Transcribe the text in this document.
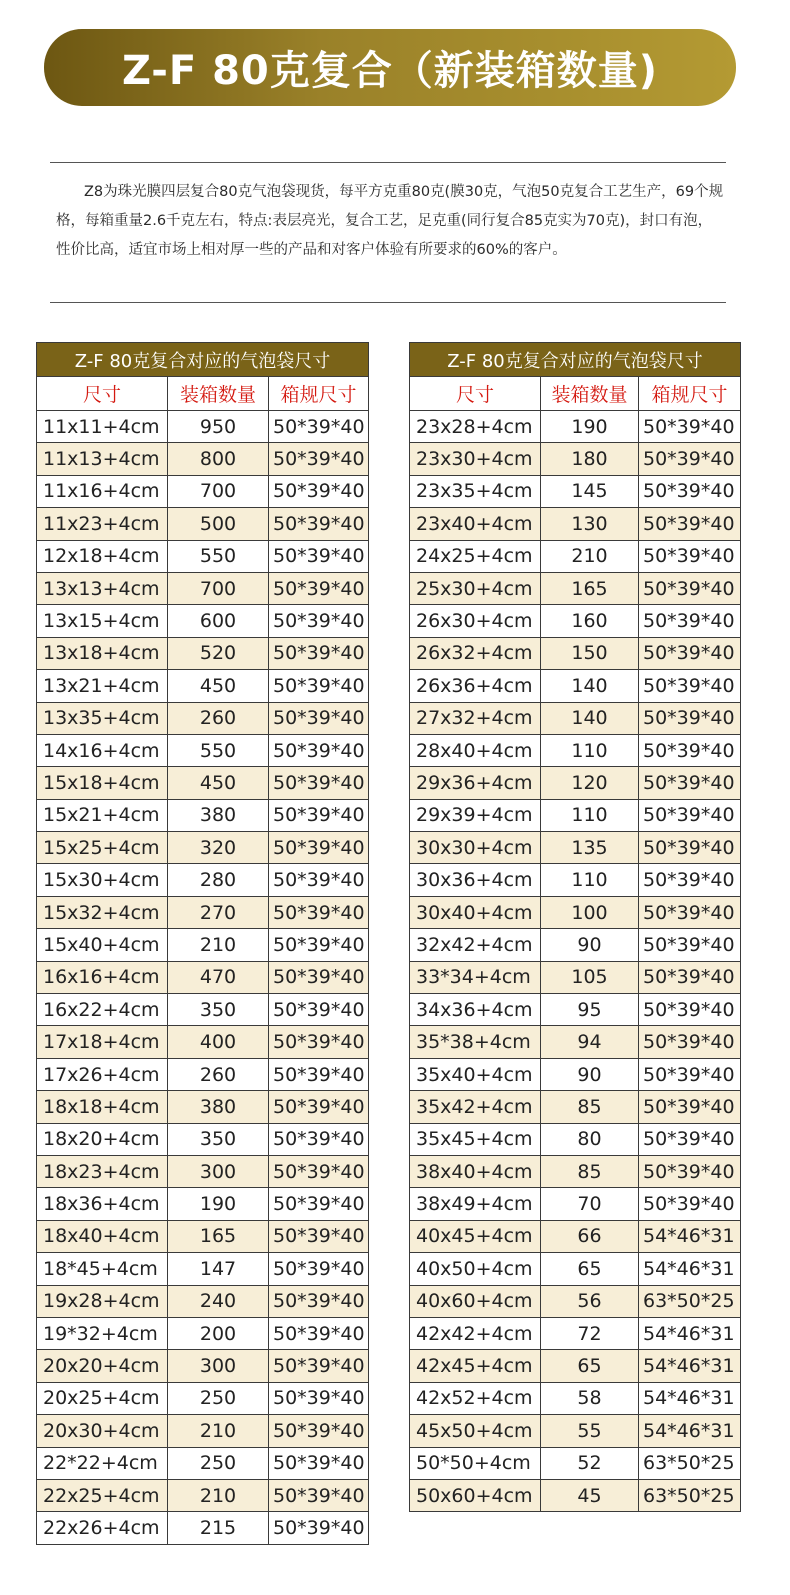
Z-F 80克复合（新装箱数量)
Z8为珠光膜四层复合80克气泡袋现货，每平方克重80克(膜30克，气泡50克复合工艺生产，69个规格，每箱重量2.6千克左右，特点:表层亮光，复合工艺，足克重(同行复合85克实为70克)，封口有泡，性价比高，适宜市场上相对厚一些的产品和对客户体验有所要求的60%的客户。
Z-F 80克复合对应的气泡袋尺寸		
尺寸	装箱数量	箱规尺寸
11x11+4cm	950	50*39*40
11x13+4cm	800	50*39*40
11x16+4cm	700	50*39*40
11x23+4cm	500	50*39*40
12x18+4cm	550	50*39*40
13x13+4cm	700	50*39*40
13x15+4cm	600	50*39*40
13x18+4cm	520	50*39*40
13x21+4cm	450	50*39*40
13x35+4cm	260	50*39*40
14x16+4cm	550	50*39*40
15x18+4cm	450	50*39*40
15x21+4cm	380	50*39*40
15x25+4cm	320	50*39*40
15x30+4cm	280	50*39*40
15x32+4cm	270	50*39*40
15x40+4cm	210	50*39*40
16x16+4cm	470	50*39*40
16x22+4cm	350	50*39*40
17x18+4cm	400	50*39*40
17x26+4cm	260	50*39*40
18x18+4cm	380	50*39*40
18x20+4cm	350	50*39*40
18x23+4cm	300	50*39*40
18x36+4cm	190	50*39*40
18x40+4cm	165	50*39*40
18*45+4cm	147	50*39*40
19x28+4cm	240	50*39*40
19*32+4cm	200	50*39*40
20x20+4cm	300	50*39*40
20x25+4cm	250	50*39*40
20x30+4cm	210	50*39*40
22*22+4cm	250	50*39*40
22x25+4cm	210	50*39*40
22x26+4cm	215	50*39*40
Z-F 80克复合对应的气泡袋尺寸		
尺寸	装箱数量	箱规尺寸
23x28+4cm	190	50*39*40
23x30+4cm	180	50*39*40
23x35+4cm	145	50*39*40
23x40+4cm	130	50*39*40
24x25+4cm	210	50*39*40
25x30+4cm	165	50*39*40
26x30+4cm	160	50*39*40
26x32+4cm	150	50*39*40
26x36+4cm	140	50*39*40
27x32+4cm	140	50*39*40
28x40+4cm	110	50*39*40
29x36+4cm	120	50*39*40
29x39+4cm	110	50*39*40
30x30+4cm	135	50*39*40
30x36+4cm	110	50*39*40
30x40+4cm	100	50*39*40
32x42+4cm	90	50*39*40
33*34+4cm	105	50*39*40
34x36+4cm	95	50*39*40
35*38+4cm	94	50*39*40
35x40+4cm	90	50*39*40
35x42+4cm	85	50*39*40
35x45+4cm	80	50*39*40
38x40+4cm	85	50*39*40
38x49+4cm	70	50*39*40
40x45+4cm	66	54*46*31
40x50+4cm	65	54*46*31
40x60+4cm	56	63*50*25
42x42+4cm	72	54*46*31
42x45+4cm	65	54*46*31
42x52+4cm	58	54*46*31
45x50+4cm	55	54*46*31
50*50+4cm	52	63*50*25
50x60+4cm	45	63*50*25
